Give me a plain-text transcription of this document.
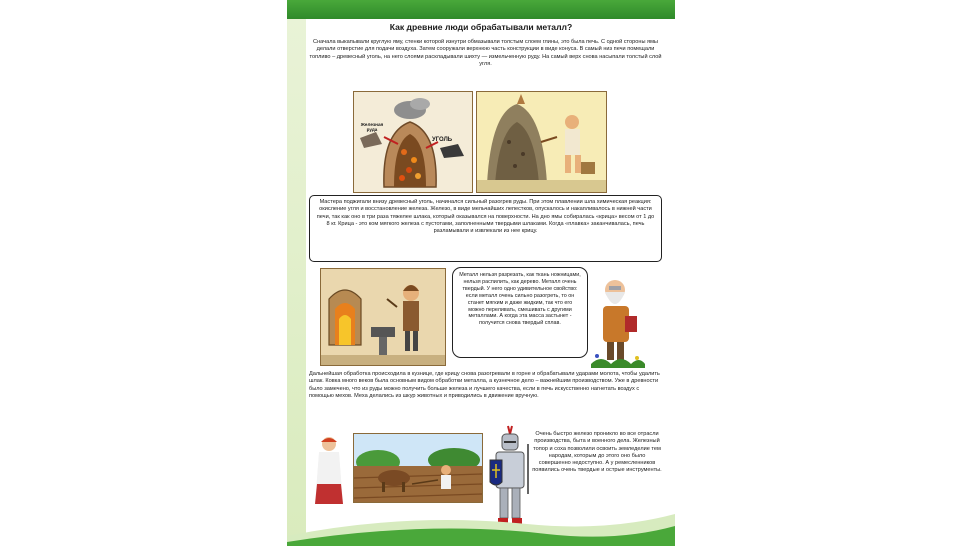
Как древние люди обрабатывали металл?

Сначала выкапывали круглую яму, стенки которой изнутри обмазывали толстым слоем глины, это была печь. С одной стороны ямы делали отверстие для подачи воздуха. Затем сооружали верхнюю часть конструкции в виде конуса. В самый низ печи помещали топливо – древесный уголь, на него слоями раскладывали шихту — измельченную руду. На самый верх снова насыпали толстый слой угля.

Железная руда
УГОЛЬ

Мастера поджигали внизу древесный уголь, начинался сильный разогрев руды. При этом плавлении шла химическая реакция: окисление угля и восстановление железа. Железо, в виде мельчайших лепестков, опускалось и накапливалось в нижней части печи, так как оно в три раза тяжелее шлака, который оказывался на поверхности. На дно ямы собиралась «крица» весом от 1 до 8 кг. Крица - это ком мягкого железа с пустотами, заполненными твердыми шлаками. Когда «плавка» заканчивалась, печь разламывали и извлекали из нее крицу.

Металл нельзя разрезать, как ткань ножницами, нельзя распилить, как дерево. Металл очень твердый. У него одно удивительное свойство: если металл очень сильно разогреть, то он станет мягким и даже жидким, так что его можно переливать, смешивать с другими металлами. А когда эта масса застынет - получится снова твердый сплав.

Дальнейшая обработка происходила в кузнице, где крицу снова разогревали в горне и обрабатывали ударами молота, чтобы удалить шлак. Ковка много веков была основным видом обработки металла, а кузнечное дело – важнейшим производством. Уже в древности было замечено, что из руды можно получить больше железа и лучшего качества, если в печь искусственно нагнетать воздух с помощью мехов. Меха делались из шкур животных и приводились в движение вручную.

Очень быстро железо проникло во все отрасли производства, быта и военного дела. Железный топор и соха позволили освоить земледелие тем народам, которым до этого оно было совершенно недоступно. А у ремесленников появились очень твердые и острые инструменты.
